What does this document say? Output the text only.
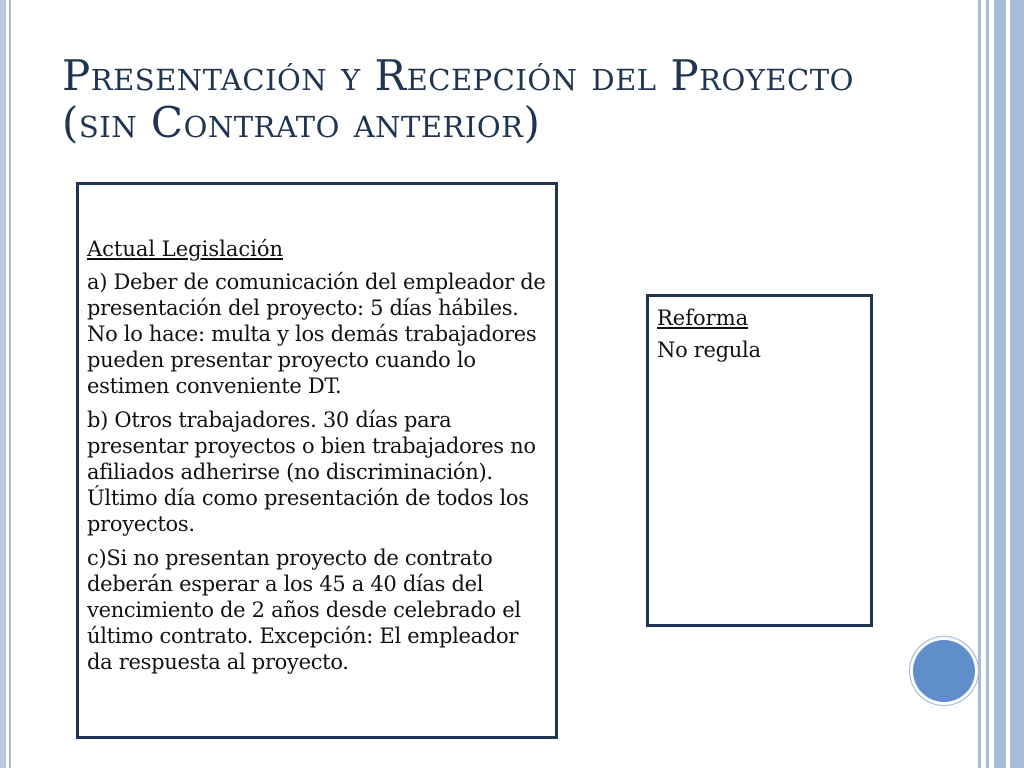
Presentación y Recepción del Proyecto (sin Contrato anterior)

Actual Legislación

a) Deber de comunicación del empleador de presentación del proyecto: 5 días hábiles. No lo hace: multa y los demás trabajadores pueden presentar proyecto cuando lo estimen conveniente DT.

b) Otros trabajadores. 30 días para presentar proyectos o bien trabajadores no afiliados adherirse (no discriminación). Último día como presentación de todos los proyectos.

c)Si no presentan proyecto de contrato deberán esperar a los 45 a 40 días del vencimiento de 2 años desde celebrado el último contrato. Excepción: El empleador da respuesta al proyecto.

Reforma

No regula
